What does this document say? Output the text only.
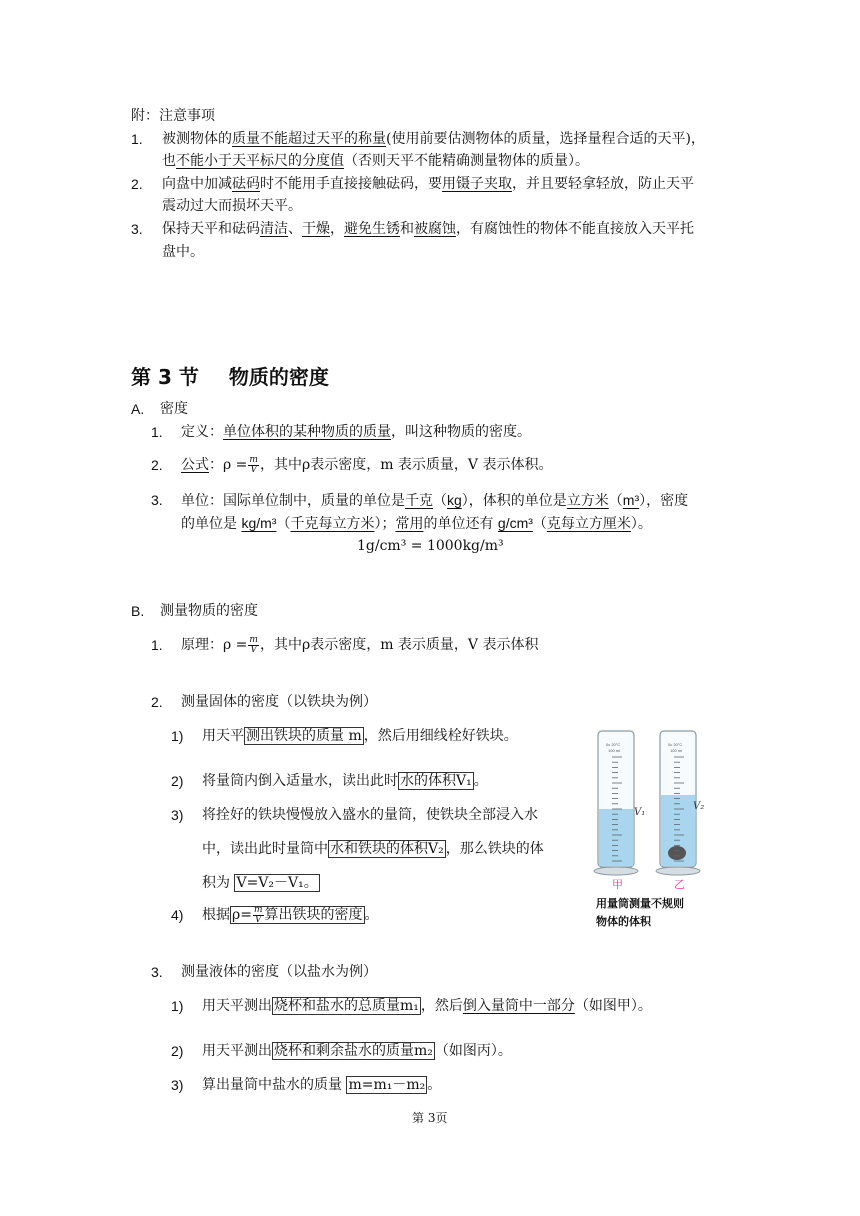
附：注意事项
1. 被测物体的质量不能超过天平的称量(使用前要估测物体的质量，选择量程合适的天平)，
也不能小于天平标尺的分度值（否则天平不能精确测量物体的质量）。
2. 向盘中加减砝码时不能用手直接接触砝码，要用镊子夹取，并且要轻拿轻放，防止天平
震动过大而损坏天平。
3. 保持天平和砝码清洁、干燥，避免生锈和被腐蚀，有腐蚀性的物体不能直接放入天平托
盘中。
第 3 节 物质的密度
A. 密度
1. 定义：单位体积的某种物质的质量，叫这种物质的密度。
2. 公式：$\rho = \frac{m}{V}$ ，其中ρ表示密度，m 表示质量，V 表示体积。
3. 单位：国际单位制中，质量的单位是千克（kg），体积的单位是立方米（m³），密度
的单位是 kg/m³（千克每立方米）；常用的单位还有 g/cm³（克每立方厘米）。
1g/cm³ = 1000kg/m³
B. 测量物质的密度
1. 原理：$\rho = \frac{m}{V}$ ，其中ρ表示密度，m 表示质量，V 表示体积
2. 测量固体的密度（以铁块为例）
1) 用天平 测出铁块的质量 m ，然后用细线栓好铁块。
2) 将量筒内倒入适量水，读出此时 水的体积V₁ 。
3) 将拴好的铁块慢慢放入盛水的量筒，使铁块全部浸入水
中，读出此时量筒中 水和铁块的体积V₂ ，那么铁块的体
积为 V=V₂－V₁。
4) 根据 $\rho= \frac{m}{V}$ 算出铁块的密度 。
3. 测量液体的密度（以盐水为例）
1) 用天平测出 烧杯和盐水的总质量m₁ ，然后倒入量筒中一部分（如图甲）。
2) 用天平测出 烧杯和剩余盐水的质量m₂ （如图丙）。
3) 算出量筒中盐水的质量 m=m₁－m₂ 。
0c 20°C
100 ml
0c 20°C
100 ml
V₁
V₂
甲	乙
用量筒测量不规则
物体的体积
第 3页
